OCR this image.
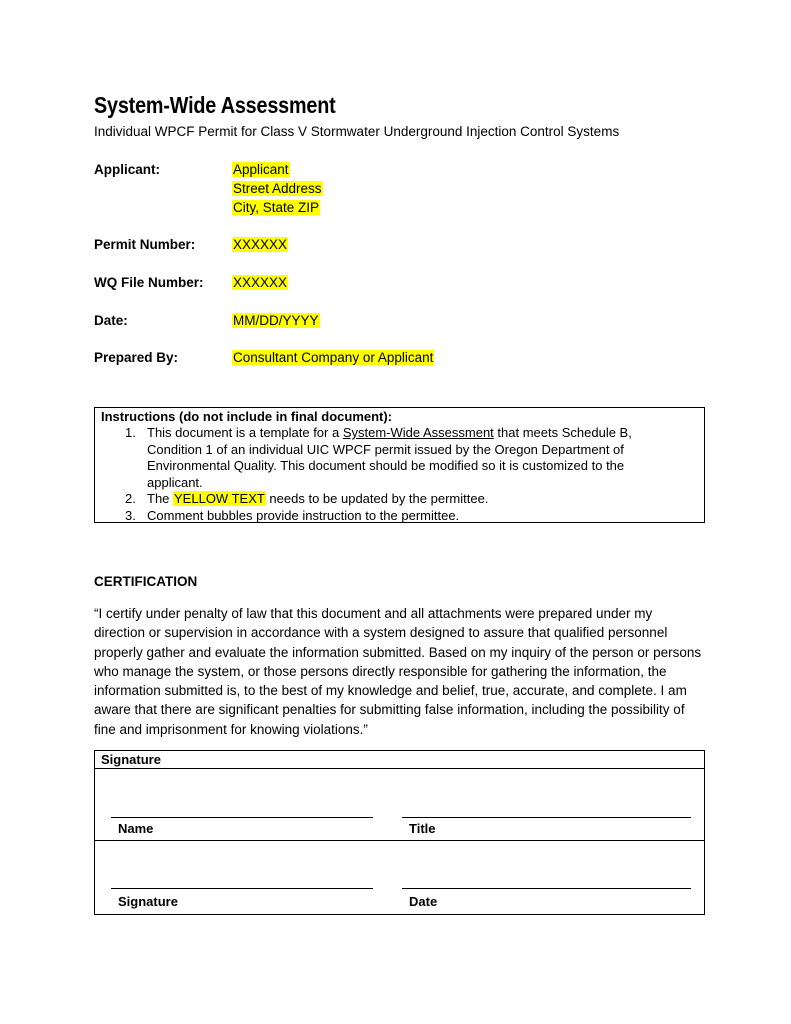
System-Wide Assessment
Individual WPCF Permit for Class V Stormwater Underground Injection Control Systems
Applicant:	Applicant
Street Address
City, State ZIP
Permit Number:	XXXXXX
WQ File Number: XXXXXX
Date:	MM/DD/YYYY
Prepared By:	Consultant Company or Applicant
Instructions (do not include in final document):
1. This document is a template for a System-Wide Assessment that meets Schedule B,
Condition 1 of an individual UIC WPCF permit issued by the Oregon Department of
Environmental Quality. This document should be modified so it is customized to the
applicant.
2. The YELLOW TEXT needs to be updated by the permittee.
3. Comment bubbles provide instruction to the permittee.
CERTIFICATION
“I certify under penalty of law that this document and all attachments were prepared under my direction or supervision in accordance with a system designed to assure that qualified personnel properly gather and evaluate the information submitted. Based on my inquiry of the person or persons who manage the system, or those persons directly responsible for gathering the information, the information submitted is, to the best of my knowledge and belief, true, accurate, and complete. I am aware that there are significant penalties for submitting false information, including the possibility of fine and imprisonment for knowing violations.”
Signature
Name	Title
Signature	Date
